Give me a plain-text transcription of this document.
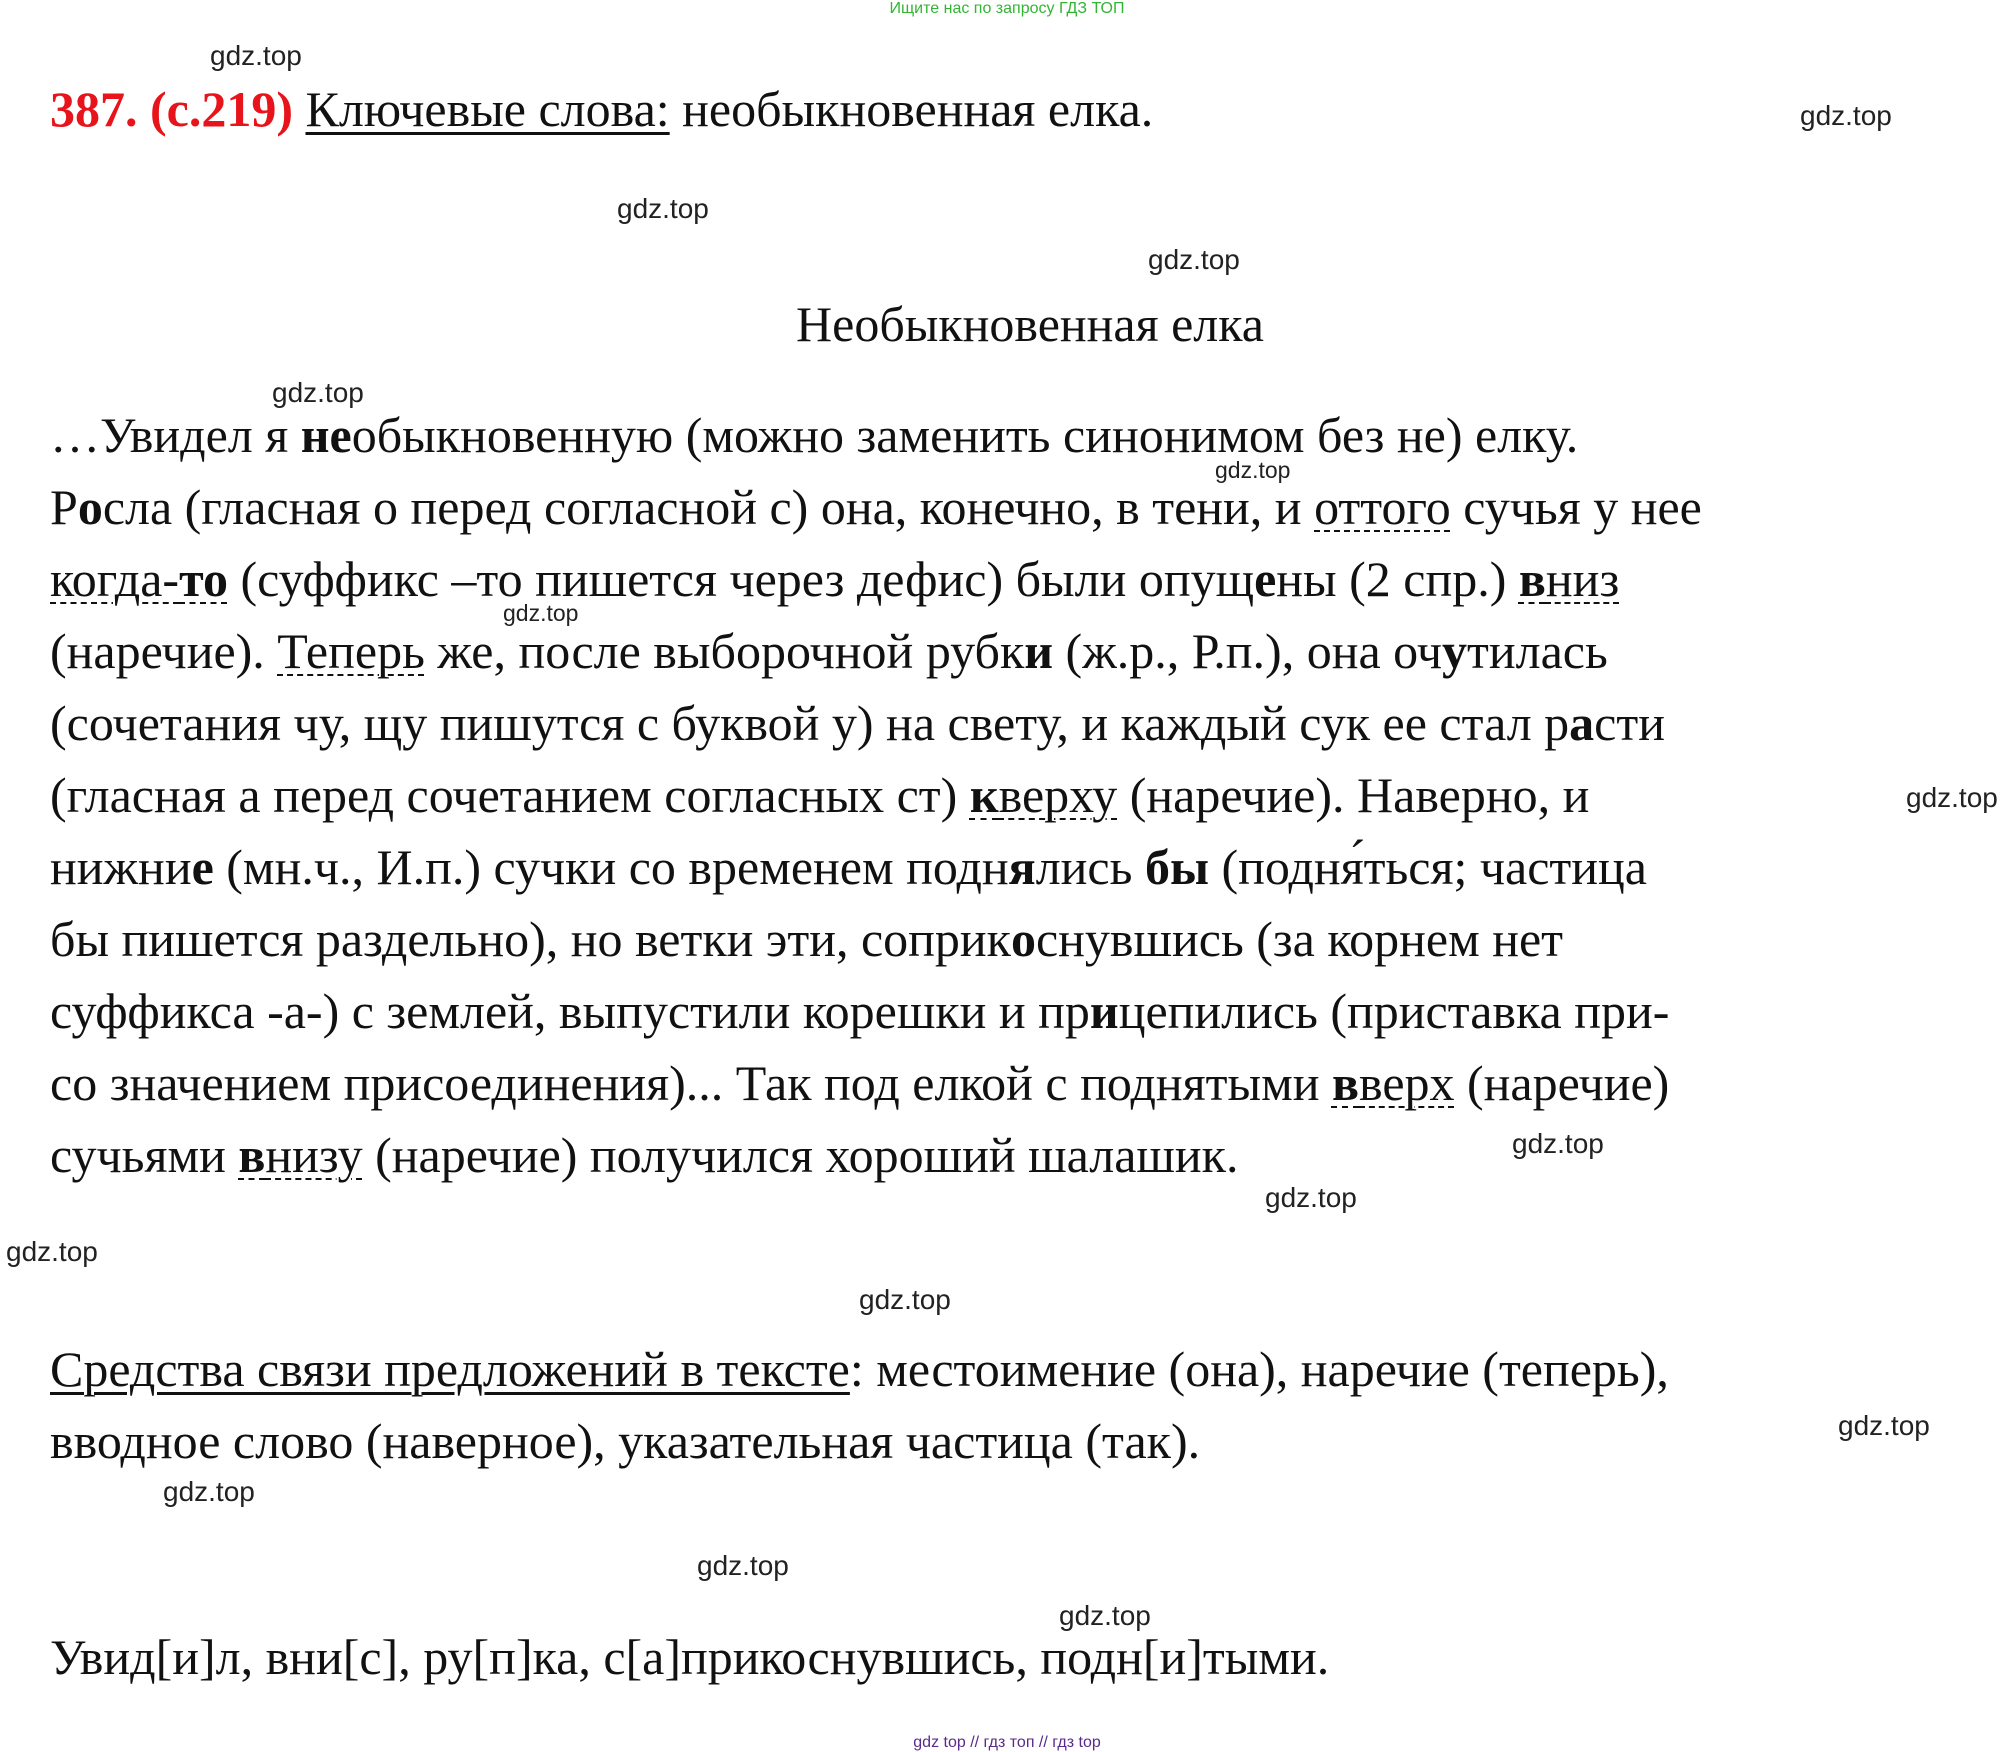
Ищите нас по запросу ГДЗ ТОП
387. (с.219) Ключевые слова: необыкновенная елка.
Необыкновенная елка
…Увидел я необыкновенную (можно заменить синонимом без не) елку.
Росла (гласная о перед согласной с) она, конечно, в тени, и оттого сучья у нее
когда-то (суффикс –то пишется через дефис) были опущены (2 спр.) вниз
(наречие). Теперь же, после выборочной рубки (ж.р., Р.п.), она очутилась
(сочетания чу, щу пишутся с буквой у) на свету, и каждый сук ее стал расти
(гласная а перед сочетанием согласных ст) кверху (наречие). Наверно, и
нижние (мн.ч., И.п.) сучки со временем поднялись бы (подня́ться; частица
бы пишется раздельно), но ветки эти, соприкоснувшись (за корнем нет
суффикса -а-) с землей, выпустили корешки и прицепились (приставка при-
со значением присоединения)... Так под елкой с поднятыми вверх (наречие)
сучьями внизу (наречие) получился хороший шалашик.
Средства связи предложений в тексте: местоимение (она), наречие (теперь),
вводное слово (наверное), указательная частица (так).
Увид[и]л, вни[с], ру[п]ка, с[а]прикоснувшись, подн[и]тыми.
gdz.top
gdz.top
gdz.top
gdz.top
gdz.top
gdz.top
gdz.top
gdz.top
gdz.top
gdz.top
gdz.top
gdz.top
gdz.top
gdz.top
gdz.top
gdz.top
gdz top // гдз топ // гдз top
